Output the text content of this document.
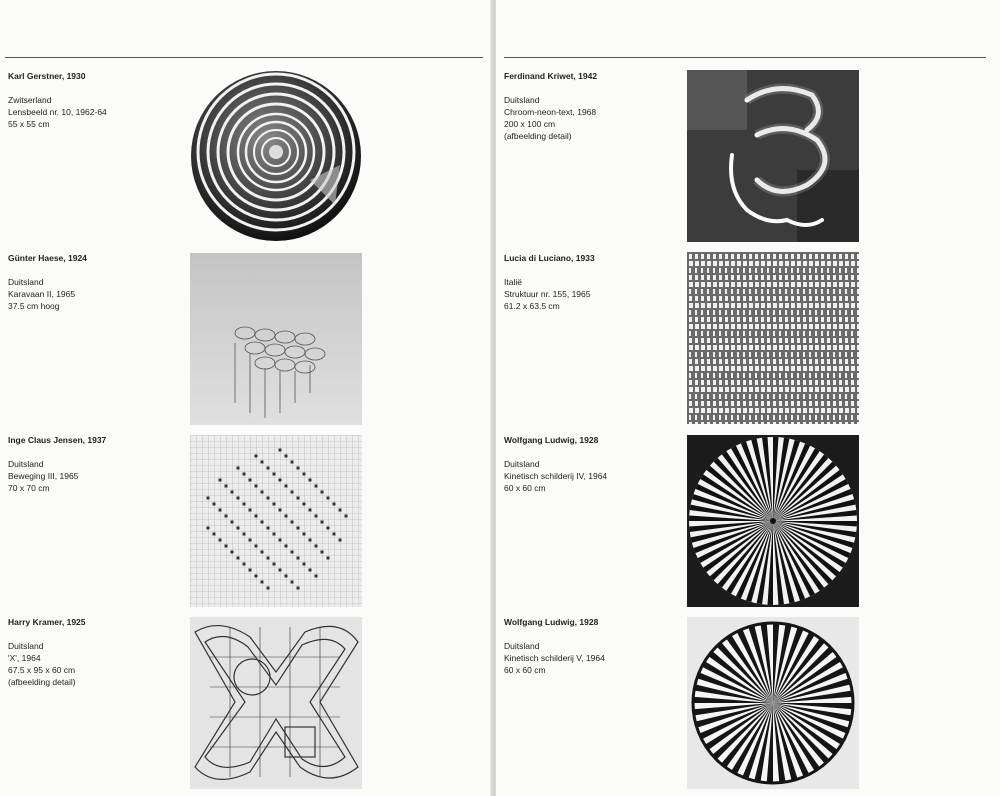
Karl Gerstner, 1930
Zwitserland
Lensbeeld nr. 10, 1962-64
55 x 55 cm
Günter Haese, 1924
Duitsland
Karavaan II, 1965
37.5 cm hoog
Inge Claus Jensen, 1937
Duitsland
Beweging III, 1965
70 x 70 cm
Harry Kramer, 1925
Duitsland
'X', 1964
67.5 x 95 x 60 cm
(afbeelding detail)
Ferdinand Kriwet, 1942
Duitsland
Chroom-neon-text, 1968
200 x 100 cm
(afbeelding detail)
Lucia di Luciano, 1933
Italië
Struktuur nr. 155, 1965
61.2 x 63.5 cm
Wolfgang Ludwig, 1928
Duitsland
Kinetisch schilderij IV, 1964
60 x 60 cm
Wolfgang Ludwig, 1928
Duitsland
Kinetisch schilderij V, 1964
60 x 60 cm
